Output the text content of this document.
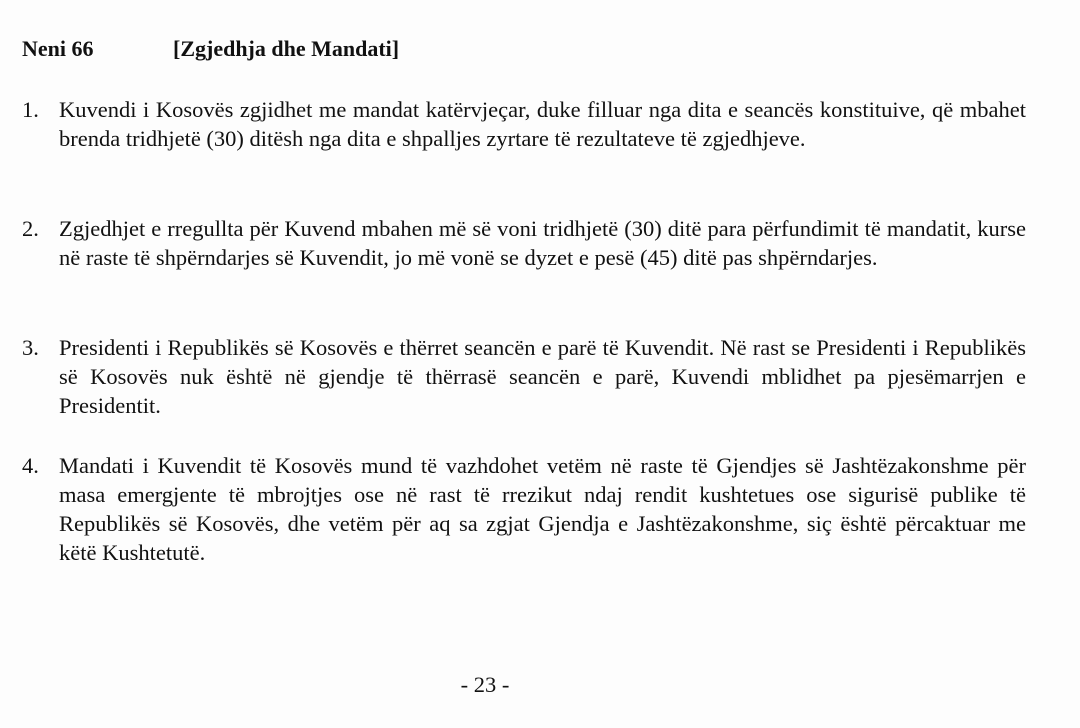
Neni 66	[Zgjedhja dhe Mandati]
1. Kuvendi i Kosovës zgjidhet me mandat katërvjeçar, duke filluar nga dita e seancës konstituive, që mbahet brenda tridhjetë (30) ditësh nga dita e shpalljes zyrtare të rezultateve të zgjedhjeve.
2. Zgjedhjet e rregullta për Kuvend mbahen më së voni tridhjetë (30) ditë para përfundimit të mandatit, kurse në raste të shpërndarjes së Kuvendit, jo më vonë se dyzet e pesë (45) ditë pas shpërndarjes.
3. Presidenti i Republikës së Kosovës e thërret seancën e parë të Kuvendit. Në rast se Presidenti i Republikës së Kosovës nuk është në gjendje të thërrasë seancën e parë, Kuvendi mblidhet pa pjesëmarrjen e Presidentit.
4. Mandati i Kuvendit të Kosovës mund të vazhdohet vetëm në raste të Gjendjes së Jashtëzakonshme për masa emergjente të mbrojtjes ose në rast të rrezikut ndaj rendit kushtetues ose sigurisë publike të Republikës së Kosovës, dhe vetëm për aq sa zgjat Gjendja e Jashtëzakonshme, siç është përcaktuar me këtë Kushtetutë.
- 23 -
